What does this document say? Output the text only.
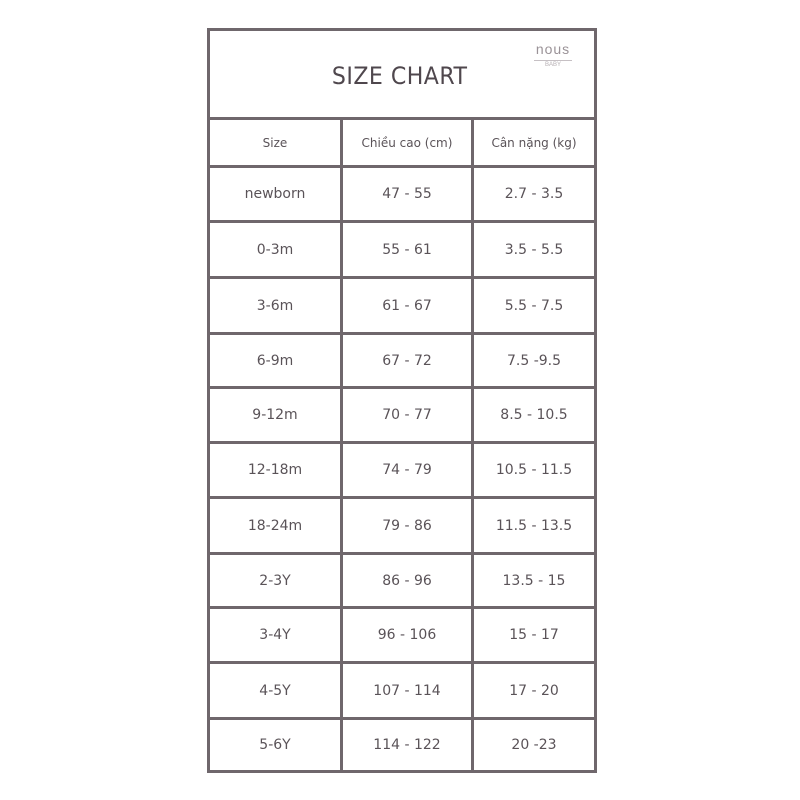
SIZE CHART
nous
BABY
Size	Chiều cao (cm)	Cân nặng (kg)
newborn	47 - 55	2.7 - 3.5
0-3m	55 - 61	3.5 - 5.5
3-6m	61 - 67	5.5 - 7.5
6-9m	67 - 72	7.5 -9.5
9-12m	70 - 77	8.5 - 10.5
12-18m	74 - 79	10.5 - 11.5
18-24m	79 - 86	11.5 - 13.5
2-3Y	86 - 96	13.5 - 15
3-4Y	96 - 106	15 - 17
4-5Y	107 - 114	17 - 20
5-6Y	114 - 122	20 -23
